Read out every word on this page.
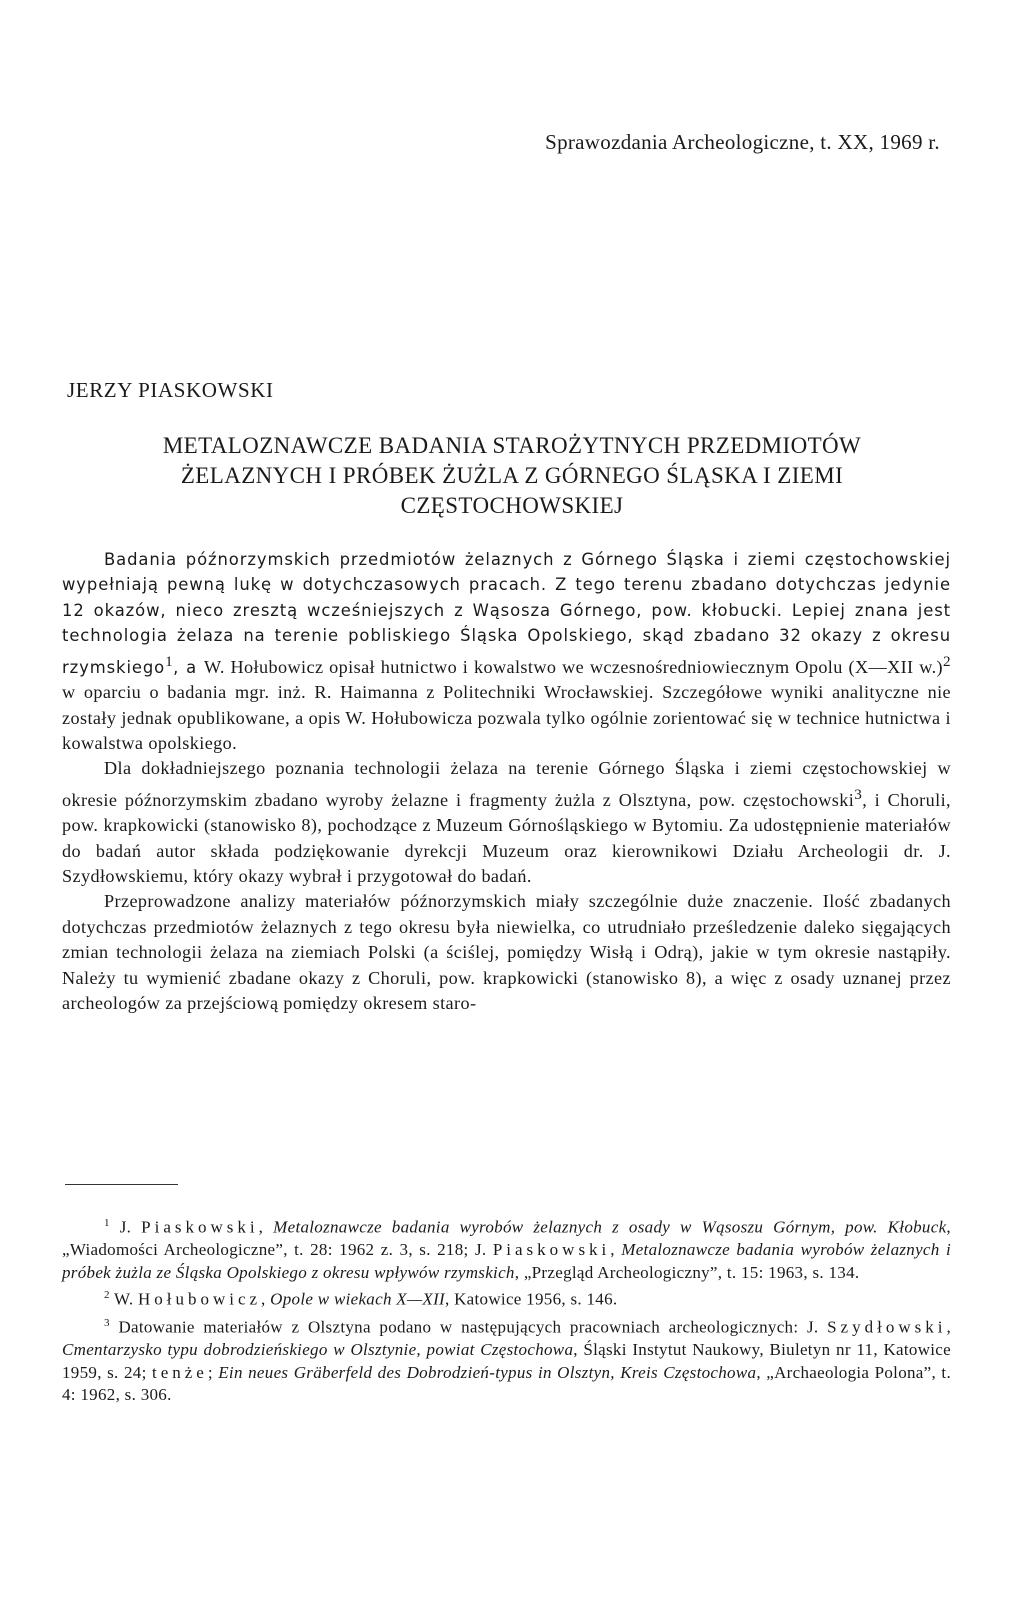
Sprawozdania Archeologiczne, t. XX, 1969 r.
JERZY PIASKOWSKI
METALOZNAWCZE BADANIA STAROŻYTNYCH PRZEDMIOTÓW
ŻELAZNYCH I PRÓBEK ŻUŻLA Z GÓRNEGO ŚLĄSKA I ZIEMI
CZĘSTOCHOWSKIEJ

Badania późnorzymskich przedmiotów żelaznych z Górnego Śląska i ziemi częstochowskiej wypełniają pewną lukę w dotychczasowych pracach. Z tego terenu zbadano dotychczas jedynie 12 okazów, nieco zresztą wcześniejszych z Wąsosza Górnego, pow. kłobucki. Lepiej znana jest technologia żelaza na terenie pobliskiego Śląska Opolskiego, skąd zbadano 32 okazy z okresu rzymskiego$^1$, a W. Hołubowicz opisał hutnictwo i kowalstwo we wczesnośredniowiecznym Opolu (X—XII w.)$^2$ w oparciu o badania mgr. inż. R. Haimanna z Politechniki Wrocławskiej. Szczegółowe wyniki analityczne nie zostały jednak opublikowane, a opis W. Hołubowicza pozwala tylko ogólnie zorientować się w technice hutnictwa i kowalstwa opolskiego.

Dla dokładniejszego poznania technologii żelaza na terenie Górnego Śląska i ziemi częstochowskiej w okresie późnorzymskim zbadano wyroby żelazne i fragmenty żużla z Olsztyna, pow. częstochowski$^3$, i Choruli, pow. krapkowicki (stanowisko 8), pochodzące z Muzeum Górnośląskiego w Bytomiu. Za udostępnienie materiałów do badań autor składa podziękowanie dyrekcji Muzeum oraz kierownikowi Działu Archeologii dr. J. Szydłowskiemu, który okazy wybrał i przygotował do badań.

Przeprowadzone analizy materiałów późnorzymskich miały szczególnie duże znaczenie. Ilość zbadanych dotychczas przedmiotów żelaznych z tego okresu była niewielka, co utrudniało prześledzenie daleko sięgających zmian technologii żelaza na ziemiach Polski (a ściślej, pomiędzy Wisłą i Odrą), jakie w tym okresie nastąpiły. Należy tu wymienić zbadane okazy z Choruli, pow. krapkowicki (stanowisko 8), a więc z osady uznanej przez archeologów za przejściową pomiędzy okresem staro-

$^1$ J. Piaskowski, Metaloznawcze badania wyrobów żelaznych z osady w Wąsoszu Górnym, pow. Kłobuck, „Wiadomości Archeologiczne”, t. 28: 1962 z. 3, s. 218; J. Piaskowski, Metaloznawcze badania wyrobów żelaznych i próbek żużla ze Śląska Opolskiego z okresu wpływów rzymskich, „Przegląd Archeologiczny”, t. 15: 1963, s. 134.

$^2$ W. Hołubowicz, Opole w wiekach X—XII, Katowice 1956, s. 146.

$^3$ Datowanie materiałów z Olsztyna podano w następujących pracowniach archeologicznych: J. Szydłowski, Cmentarzysko typu dobrodzieńskiego w Olsztynie, powiat Częstochowa, Śląski Instytut Naukowy, Biuletyn nr 11, Katowice 1959, s. 24; tenże; Ein neues Gräberfeld des Dobrodzień-typus in Olsztyn, Kreis Częstochowa, „Archaeologia Polona”, t. 4: 1962, s. 306.
